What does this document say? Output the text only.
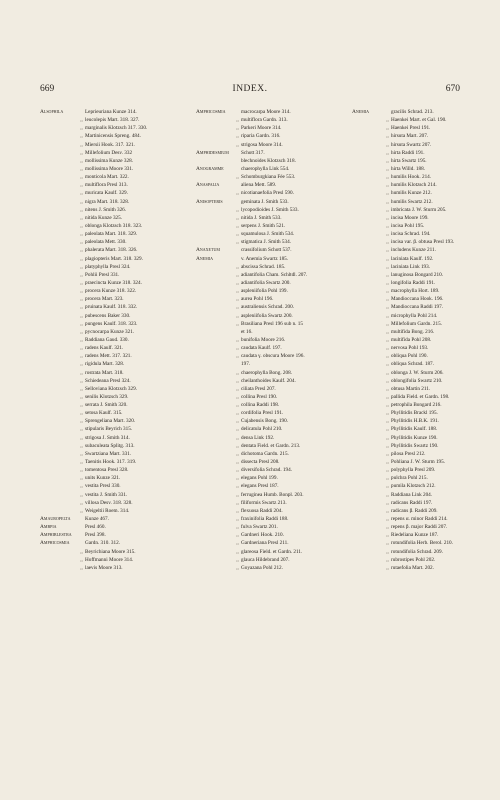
669	INDEX.	670
Alsophila	Leprieuriana Kunze 314.
,, leucolepis Mart. 318. 327.
,, marginalis Klotzsch 317. 330.
,, Martinicensis Spreng. 484.
,, Miersii Hook. 317. 321.
,, Millefolium Desv. 332
,, mollissima Kunze 328.
,, mollissima Moore 331.
,, monticola Mart. 322.
,, multiflora Presl 313.
,, muricata Kaulf. 329.
,, nigra Mart. 318. 328.
,, nitens J. Smith 326.
,, nitida Kunze 325.
,, oblonga Klotzsch 318. 323.
,, paleolata Mart. 318. 329.
,, paleolata Mett. 330.
,, phalerata Mart. 318. 326.
,, plagiopteris Mart. 318. 329.
,, platyphylla Presl 324.
,, Pohlii Presl 331.
,, praecincta Kunze 318. 324.
,, procera Kunze 318. 322.
,, procera Mart. 323.
,, pruinata Kaulf. 318. 332.
,, pubescens Baker 330.
,, pungens Kaulf. 318. 323.
,, pycnocarpa Kunze 321.
,, Raddiana Gaud. 330.
,, radens Kaulf. 321.
,, radens Mett. 317. 321.
,, rigidula Mart. 328.
,, rostrata Mart. 318.
,, Schiedeana Presl 324.
,, Selloviana Klotzsch 329.
,, senilis Klotzsch 329.
,, serrata J. Smith 320.
,, setosa Kaulf. 315.
,, Sprengeliana Mart. 320.
,, stipularis Beyrich 315.
,, strigosa J. Smith 314.
,, subaculeata Splitg. 313.
,, Swartziana Mart. 331.
,, Taenitis Hook. 317. 319.
,, tomentosa Presl 328.
,, units Kunze 321.
,, vestita Presl 330.
,, vestita J. Smith 331.
,, villosa Desv. 318. 328.
,, Weigeltii Roem. 314.
Amauropelta	Kunze 467.
Ambpia	Presl 460.
Amphiblestra	Presl 398.
Amphicosmia	Gardn. 310. 312.
,, Beyrichiana Moore 315.
,, Hoffmanni Moore 314.
,, laevis Moore 313.
Amphicosmia	macrocarpa Moore 314.
,, multiflora Gardn. 313.
,, Parkeri Moore 314.
,, riparia Gardn. 316.
,, strigosa Moore 314.
Amphidesmium	Schott 317.
blechnoides Klotzsch 318.
Anogramme	chaerophylla Link 554.
,, Schomburgkiana Fée 553.
Anaspalia	aliena Mett. 589.
,, nicotianaefolia Presl 590.
Anisopteris	geminata J. Smith 533.
,, lycopodioides J. Smith 533.
,, nitida J. Smith 533.
,, serpens J. Smith 521.
,, squamulosa J. Smith 534.
,, stigmatica J. Smith 534.
Anaxetum	crassifolium Schott 537.
Anemia	v. Anemia Swartz 185.
,, abscissa Schrad. 185.
,, adiantifolia Cham. Schltdl. 207.
,, adiantifolia Swartz 200.
,, aspleniifolia Pohl 199.
,, aurea Pohl 196.
,, australiensis Schrad. 200.
,, aspleniifolia Swartz 200.
,, Brasiliana Presl 196 sub n. 15
et 16.
,, bunifolia Moore 216.
,, caudata Kaulf. 197.
,, caudata γ. obscura Moore 196.
197.
,, chaerophylla Bong. 208.
,, cheilanthoides Kaulf. 204.
,, ciliata Presl 207.
,, collina Presl 190.
,, collina Raddi 198.
,, cordifolia Presl 191.
,, Cujabensis Bong. 190.
,, delicatula Pohl 210.
,, densa Link 192.
,, dentata Field. et Gardn. 213.
,, dichotoma Gardn. 215.
,, dissecta Presl 208.
,, diversifolia Schrad. 194.
,, elegans Pohl 199.
,, elegans Presl 187.
,, ferruginea Humb. Bonpl. 203.
,, filiformis Swartz 213.
,, flexuosa Raddi 204.
,, fraxinifolia Raddi 188.
,, fulva Swartz 201.
,, Gardneri Hook. 210.
,, Gardneriana Presl 211.
,, glareosa Field. et Gardn. 211.
,, glauca Hildebrand 207.
,, Goyazana Pohl 212.
Anemia	gracilis Schrad. 213.
,, Haenkei Mart. et Gal. 190.
,, Haenkei Presl 191.
,, hirsuta Mart. 207.
,, hirsuta Swartz 207.
,, hirta Raddi 191.
,, hirta Swartz 195.
,, hirta Willd. 188.
,, humilis Hook. 214.
,, humilis Klotzsch 214.
,, humilis Kunze 212.
,, humilis Swartz 212.
,, imbricata J. W. Sturm 205.
,, incisa Moore 199.
,, incisa Pohl 195.
,, incisa Schrad. 194.
,, incisa var. β. obtusa Presl 193.
,, includens Kunze 211.
,, laciniata Kaulf. 192.
,, laciniata Link 193.
,, lanuginosa Bongard 210.
,, longifolia Raddi 191.
,, macrophylla Hort. 189.
,, Mandioccana Hook. 196.
,, Mandioccana Raddi 197.
,, microphylla Pohl 214.
,, Millefolium Gardn. 215.
,, multifida Bong. 216.
,, multifida Pohl 208.
,, nervosa Pohl 193.
,, obliqua Pohl 190.
,, obliqua Schrad. 187.
,, oblonga J. W. Sturm 206.
,, oblongifolia Swartz 210.
,, obtusa Martin 211.
,, pallida Field. et Gardn. 198.
,, petrophila Bongard 216.
,, Phyllitidis Brackl 195.
,, Phyllitidis H.B.K. 191.
,, Phyllitidis Kaulf. 188.
,, Phyllitidis Kunze 190.
,, Phyllitidis Swartz 190.
,, pilosa Presl 212.
,, Pohliana J. W. Sturm 195.
,, polyphylla Presl 209.
,, pulchra Pohl 215.
,, pumila Klotzsch 212.
,, Raddiana Link 204.
,, radicans Raddi 197.
,, radicans β. Raddi 209.
,, repens α. minor Raddi 214.
,, repens β. major Raddi 207.
,, Riedeliana Kunze 187.
,, rotundifolia Herb. Berol. 210.
,, rotundifolia Schrad. 209.
,, rubrostipes Pohl 202.
,, rutaefolia Mart. 202.
